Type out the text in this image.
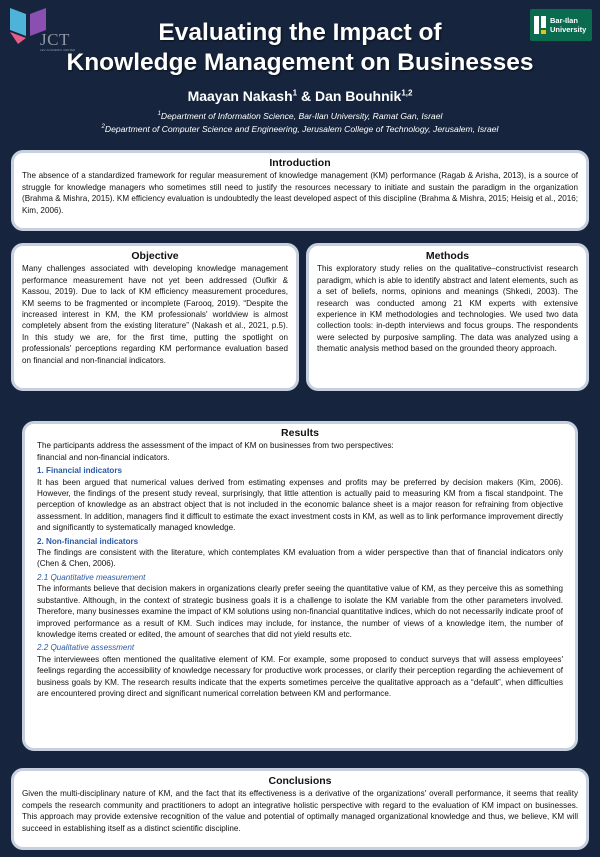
JCT
LEV ACADEMIC CENTER
Bar-Ilan
University
Evaluating the Impact of
Knowledge Management on Businesses
Maayan Nakash$^1$ & Dan Bouhnik$^{1,2}$
$^1$Department of Information Science, Bar-Ilan University, Ramat Gan, Israel
$^2$Department of Computer Science and Engineering, Jerusalem College of Technology, Jerusalem, Israel
Introduction
The absence of a standardized framework for regular measurement of knowledge management (KM) performance (Ragab & Arisha, 2013), is a source of struggle for knowledge managers who sometimes still need to justify the resources necessary to initiate and sustain the paradigm in the organization (Brahma & Mishra, 2015). KM efficiency evaluation is undoubtedly the least developed aspect of this discipline (Brahma & Mishra, 2015; Heisig et al., 2016; Kim, 2006).
Objective
Many challenges associated with developing knowledge management performance measurement have not yet been addressed (Oufkir & Kassou, 2019). Due to lack of KM efficiency measurement procedures, KM seems to be fragmented or incomplete (Farooq, 2019). “Despite the increased interest in KM, the KM professionals' worldview is almost completely absent from the existing literature” (Nakash et al., 2021, p.5). In this study we are, for the first time, putting the spotlight on professionals' perceptions regarding KM performance evaluation based on financial and non-financial indicators.
Methods
This exploratory study relies on the qualitative–constructivist research paradigm, which is able to identify abstract and latent elements, such as a set of beliefs, norms, opinions and meanings (Shkedi, 2003). The research was conducted among 21 KM experts with extensive experience in KM methodologies and technologies. We used two data collection tools: in-depth interviews and focus groups. The respondents were selected by purposive sampling. The data was analyzed using a thematic analysis method based on the grounded theory approach.
Results
The participants address the assessment of the impact of KM on businesses from two perspectives:
financial and non-financial indicators.
1. Financial indicators
It has been argued that numerical values derived from estimating expenses and profits may be preferred by decision makers (Kim, 2006). However, the findings of the present study reveal, surprisingly, that little attention is actually paid to measuring KM from a fiscal standpoint. The perception of knowledge as an abstract object that is not included in the economic balance sheet is a major reason for refraining from objective assessment. In addition, managers find it difficult to estimate the exact investment costs in KM, as well as to link performance improvement directly and significantly to systematically managed knowledge.
2. Non-financial indicators
The findings are consistent with the literature, which contemplates KM evaluation from a wider perspective than that of financial indicators only (Chen & Chen, 2006).
2.1 Quantitative measurement
The informants believe that decision makers in organizations clearly prefer seeing the quantitative value of KM, as they perceive this as something substantive. Although, in the context of strategic business goals it is a challenge to isolate the KM variable from the other parameters involved. Therefore, many businesses examine the impact of KM solutions using non-financial quantitative indices, which do not necessarily indicate proof of improved performance as a result of KM. Such indices may include, for instance, the number of views of a knowledge item, the number of knowledge items created or edited, the amount of searches that did not yield results etc.
2.2 Qualitative assessment
The interviewees often mentioned the qualitative element of KM. For example, some proposed to conduct surveys that will assess employees' feelings regarding the accessibility of knowledge necessary for productive work processes, or clarify their perception regarding the achievement of business goals by KM. The research results indicate that the experts sometimes perceive the qualitative approach as a “default”, when difficulties are encountered proving direct and significant numerical correlation between KM and performance.
Conclusions
Given the multi-disciplinary nature of KM, and the fact that its effectiveness is a derivative of the organizations' overall performance, it seems that reality compels the research community and practitioners to adopt an integrative holistic perspective with regard to the evaluation of KM impact on businesses. This approach may provide extensive recognition of the value and potential of optimally managed organizational knowledge and thus, we believe, KM will succeed in establishing itself as a distinct scientific discipline.
